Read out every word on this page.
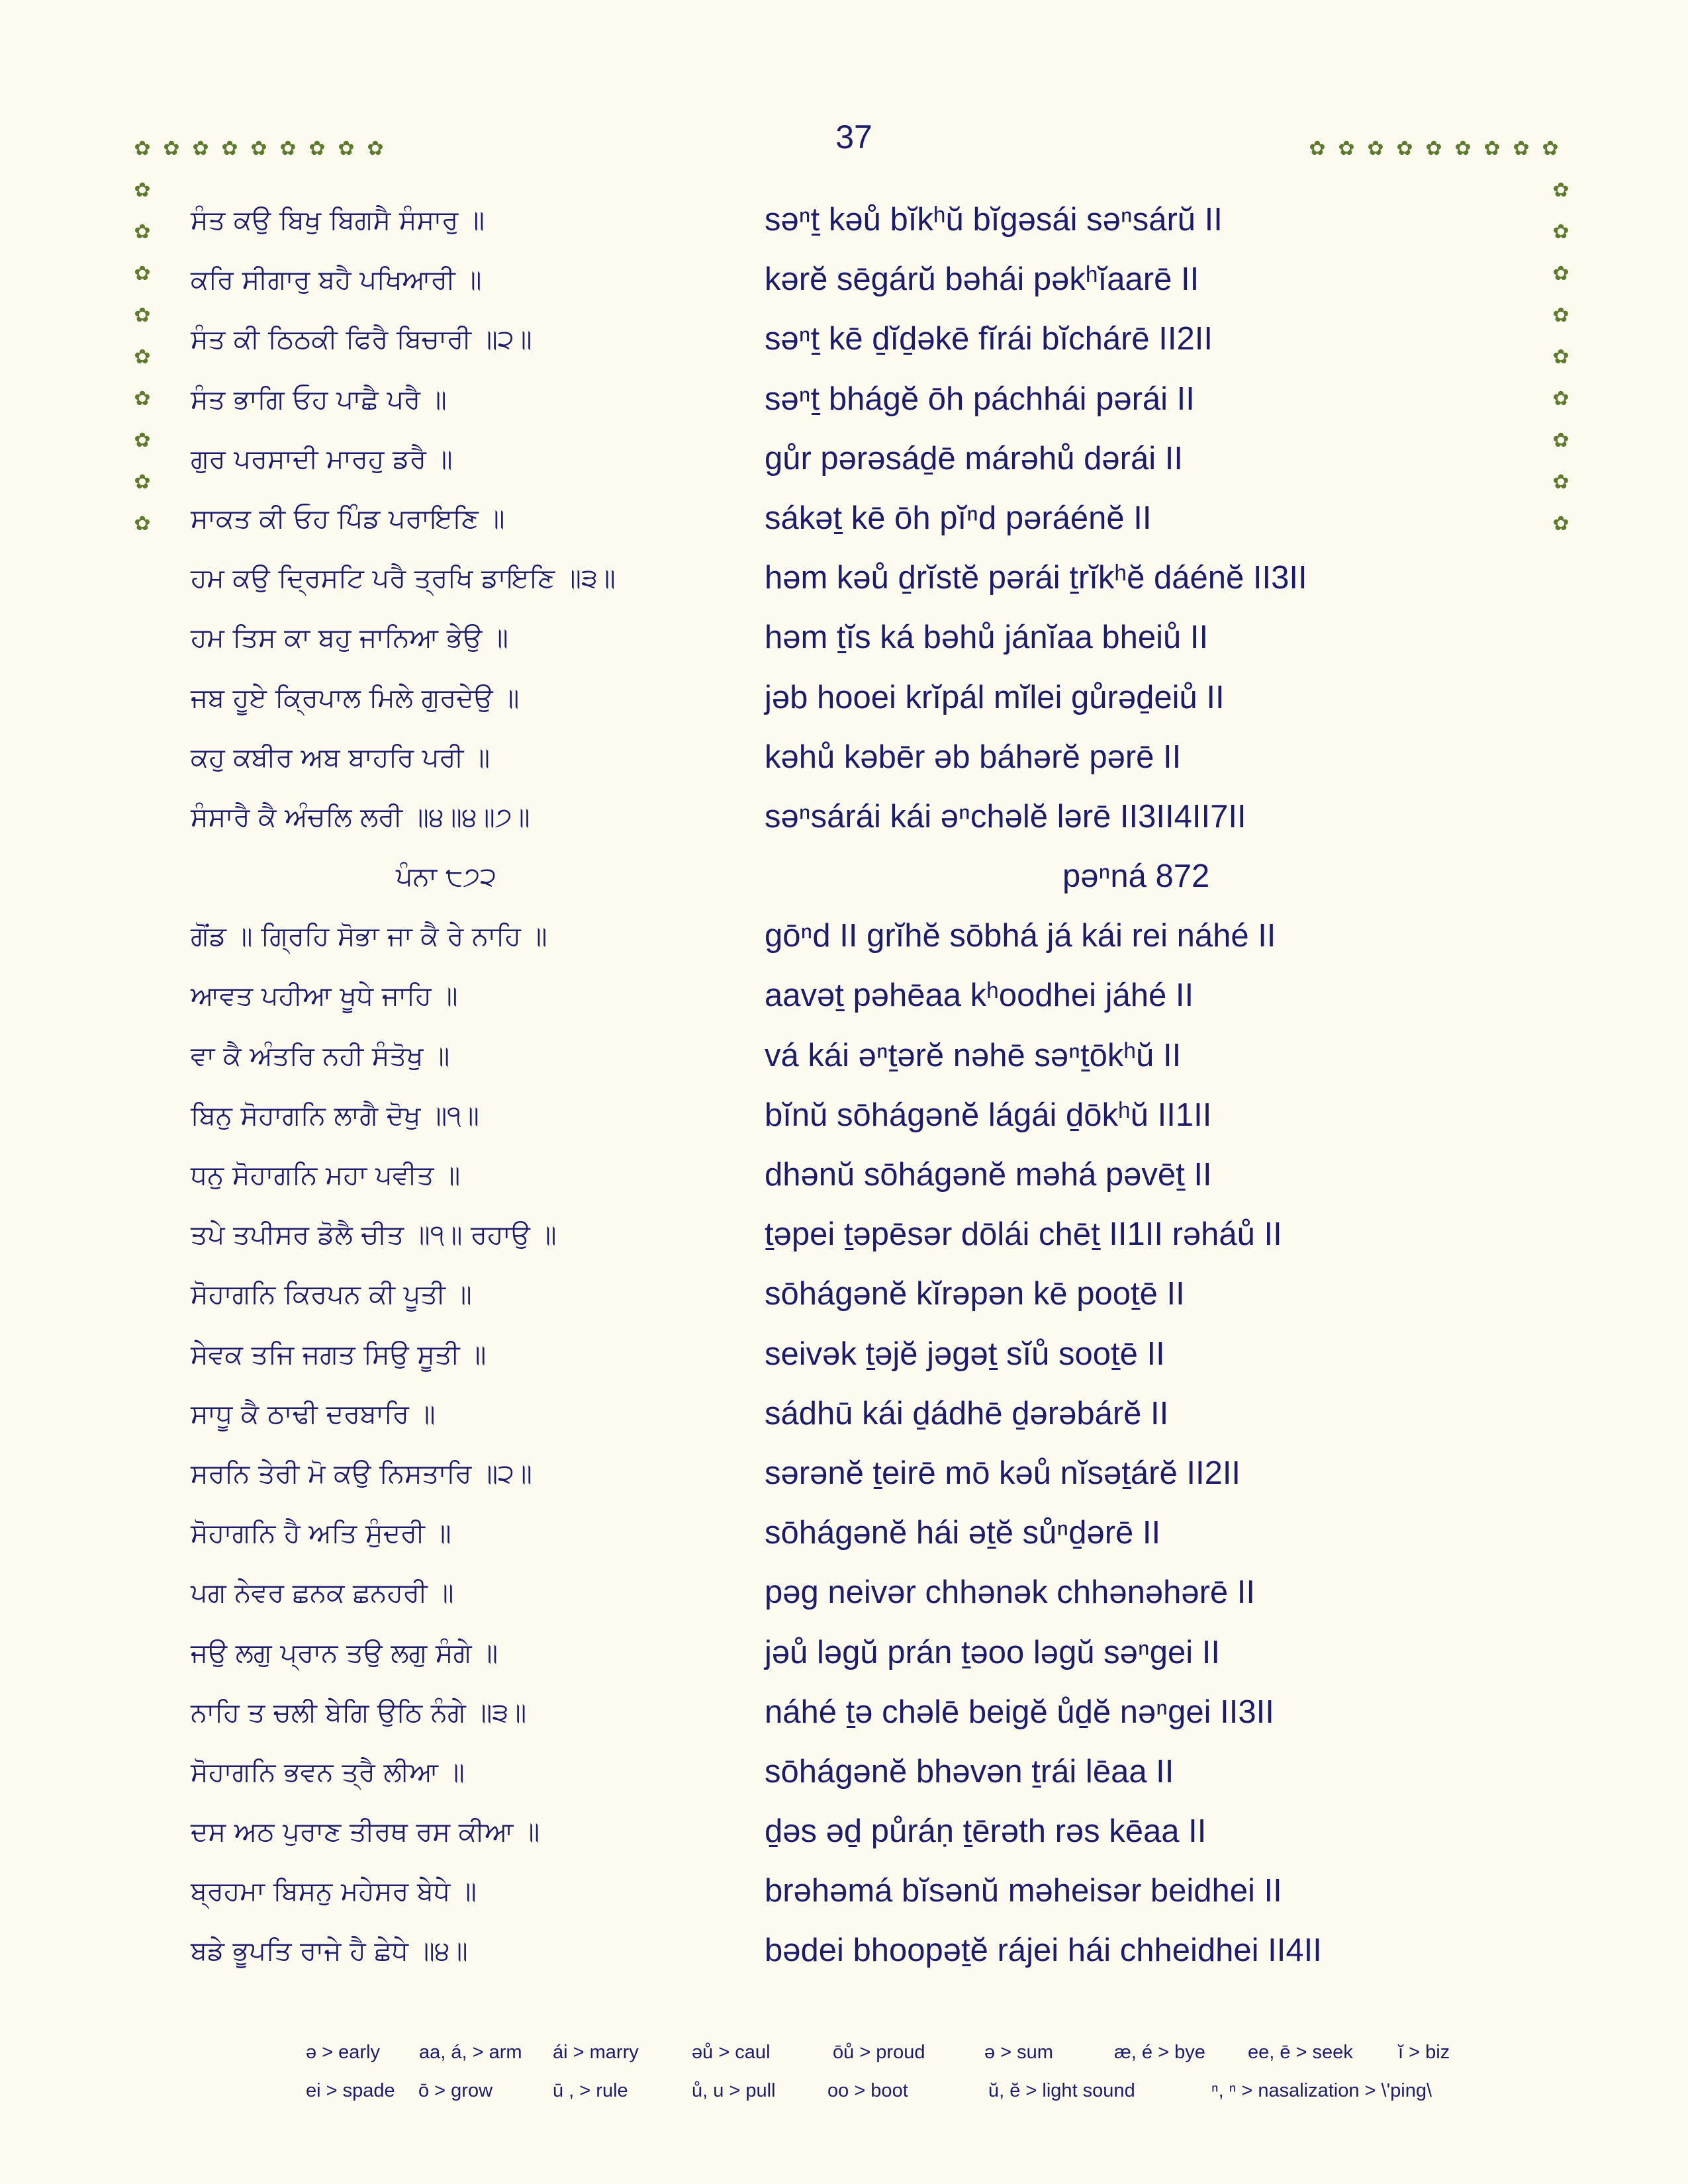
37
✿ ✿ ✿ ✿ ✿ ✿ ✿ ✿ ✿	✿ ✿ ✿ ✿ ✿ ✿ ✿ ✿ ✿
✿
✿
✿
✿
✿
✿
✿
✿
✿
✿
✿
✿
✿
✿
✿
✿
✿
✿
ਸੰਤ ਕਉ ਬਿਖੁ ਬਿਗਸੈ ਸੰਸਾਰੁ ॥	səⁿṯ kəů bĭkʰŭ bĭgəsái səⁿsárŭ II
ਕਰਿ ਸੀਗਾਰੁ ਬਹੈ ਪਖਿਆਰੀ ॥	kərĕ sēgárŭ bəhái pəkʰĭaarē II
ਸੰਤ ਕੀ ਠਿਠਕੀ ਫਿਰੈ ਬਿਚਾਰੀ ॥੨॥	səⁿṯ kē ḏĭḏəkē fĭrái bĭchárē II2II
ਸੰਤ ਭਾਗਿ ਓਹ ਪਾਛੈ ਪਰੈ ॥	səⁿṯ bhágĕ ōh páchhái pərái II
ਗੁਰ ਪਰਸਾਦੀ ਮਾਰਹੁ ਡਰੈ ॥	gůr pərəsáḏē márəhů dərái II
ਸਾਕਤ ਕੀ ਓਹ ਪਿੰਡ ਪਰਾਇਣਿ ॥	sákəṯ kē ōh pĭⁿd pəráénĕ II
ਹਮ ਕਉ ਦ੍ਰਿਸਟਿ ਪਰੈ ਤ੍ਰਖਿ ਡਾਇਣਿ ॥੩॥	həm kəů ḏrĭstĕ pərái ṯrĭkʰĕ dáénĕ II3II
ਹਮ ਤਿਸ ਕਾ ਬਹੁ ਜਾਨਿਆ ਭੇਉ ॥	həm ṯĭs ká bəhů jánĭaa bheiů II
ਜਬ ਹੂਏ ਕ੍ਰਿਪਾਲ ਮਿਲੇ ਗੁਰਦੇਉ ॥	jəb hooei krĭpál mĭlei gůrəḏeiů II
ਕਹੁ ਕਬੀਰ ਅਬ ਬਾਹਰਿ ਪਰੀ ॥	kəhů kəbēr əb báhərĕ pərē II
ਸੰਸਾਰੈ ਕੈ ਅੰਚਲਿ ਲਰੀ ॥੪॥੪॥੭॥	səⁿsárái kái əⁿchəlĕ lərē II3II4II7II
ਪੰਨਾ ੮੭੨	pəⁿná 872
ਗੋਂਡ ॥ ਗ੍ਰਿਹਿ ਸੋਭਾ ਜਾ ਕੈ ਰੇ ਨਾਹਿ ॥	gōⁿd II grĭhĕ sōbhá já kái rei náhé II
ਆਵਤ ਪਹੀਆ ਖੂਧੇ ਜਾਹਿ ॥	aavəṯ pəhēaa kʰoodhei jáhé II
ਵਾ ਕੈ ਅੰਤਰਿ ਨਹੀ ਸੰਤੋਖੁ ॥	vá kái əⁿṯərĕ nəhē səⁿṯōkʰŭ II
ਬਿਨੁ ਸੋਹਾਗਨਿ ਲਾਗੈ ਦੋਖੁ ॥੧॥	bĭnŭ sōhágənĕ lágái ḏōkʰŭ II1II
ਧਨੁ ਸੋਹਾਗਨਿ ਮਹਾ ਪਵੀਤ ॥	dhənŭ sōhágənĕ məhá pəvēṯ II
ਤਪੇ ਤਪੀਸਰ ਡੋਲੈ ਚੀਤ ॥੧॥ ਰਹਾਉ ॥	ṯəpei ṯəpēsər dōlái chēṯ II1II rəháů II
ਸੋਹਾਗਨਿ ਕਿਰਪਨ ਕੀ ਪੂਤੀ ॥	sōhágənĕ kĭrəpən kē pooṯē II
ਸੇਵਕ ਤਜਿ ਜਗਤ ਸਿਉ ਸੂਤੀ ॥	seivək ṯəjĕ jəgəṯ sĭů sooṯē II
ਸਾਧੂ ਕੈ ਠਾਢੀ ਦਰਬਾਰਿ ॥	sádhū kái ḏádhē ḏərəbárĕ II
ਸਰਨਿ ਤੇਰੀ ਮੋ ਕਉ ਨਿਸਤਾਰਿ ॥੨॥	sərənĕ ṯeirē mō kəů nĭsəṯárĕ II2II
ਸੋਹਾਗਨਿ ਹੈ ਅਤਿ ਸੁੰਦਰੀ ॥	sōhágənĕ hái əṯĕ sůⁿḏərē II
ਪਗ ਨੇਵਰ ਛਨਕ ਛਨਹਰੀ ॥	pəg neivər chhənək chhənəhərē II
ਜਉ ਲਗੁ ਪ੍ਰਾਨ ਤਉ ਲਗੁ ਸੰਗੇ ॥	jəů ləgŭ prán ṯəoo ləgŭ səⁿgei II
ਨਾਹਿ ਤ ਚਲੀ ਬੇਗਿ ਉਠਿ ਨੰਗੇ ॥੩॥	náhé ṯə chəlē beigĕ ůḏĕ nəⁿgei II3II
ਸੋਹਾਗਨਿ ਭਵਨ ਤ੍ਰੈ ਲੀਆ ॥	sōhágənĕ bhəvən ṯrái lēaa II
ਦਸ ਅਠ ਪੁਰਾਣ ਤੀਰਥ ਰਸ ਕੀਆ ॥	ḏəs əḏ půráṇ ṯērəth rəs kēaa II
ਬ੍ਰਹਮਾ ਬਿਸਨੁ ਮਹੇਸਰ ਬੇਧੇ ॥	brəhəmá bĭsənŭ məheisər beidhei II
ਬਡੇ ਭੂਪਤਿ ਰਾਜੇ ਹੈ ਛੇਧੇ ॥੪॥	bədei bhoopəṯĕ rájei hái chheidhei II4II
ə > early aa, á, > arm ái > marry	əů > caul	ōů > proud	ə > sum	æ, é > bye ee, ē > seek ĭ > biz
ei > spade ō > grow	ū , > rule	ů, u > pull	oo > boot	ŭ, ĕ > light sound	ⁿ, ⁿ > nasalization > \'ping\
